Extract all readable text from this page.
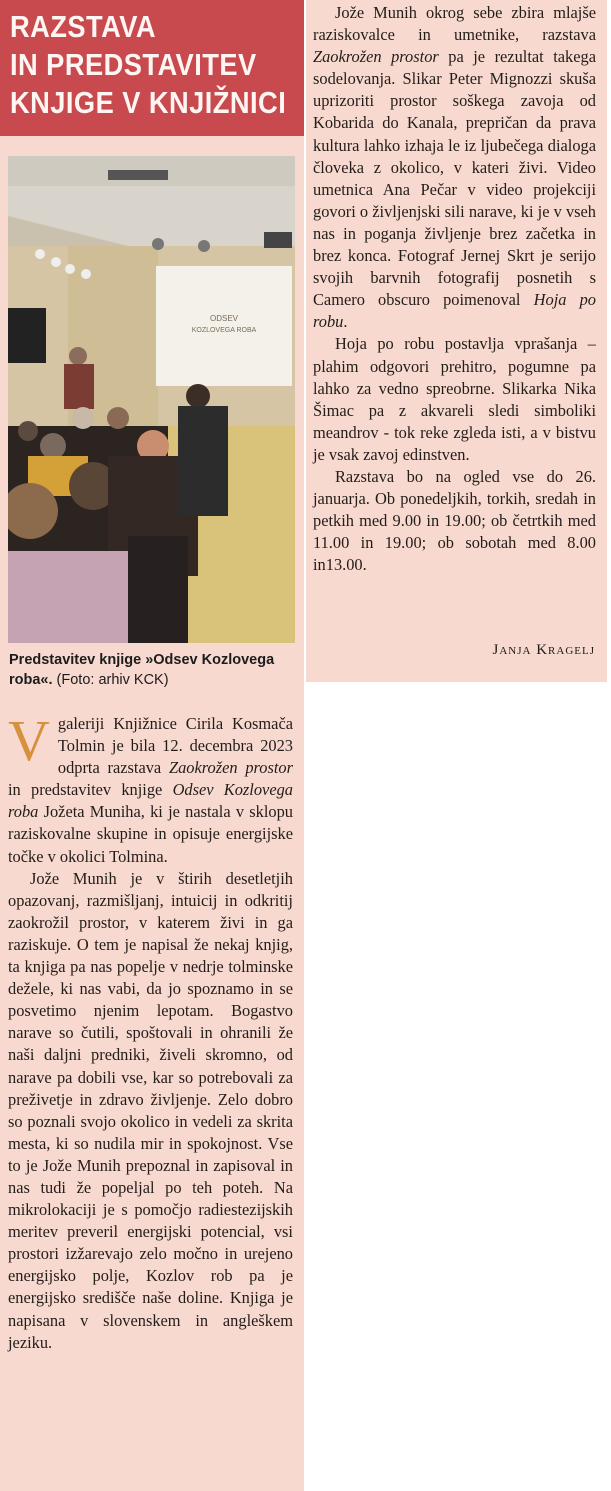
RAZSTAVA
IN PREDSTAVITEV
KNJIGE V KNJIŽNICI
ODSEV
KOZLOVEGA ROBA
Predstavitev knjige »Odsev Kozlovega roba«. (Foto: arhiv KCK)

Vgaleriji Knjižnice Cirila Kosmača Tolmin je bila 12. decembra 2023 odprta razstava Zaokrožen prostor in predstavitev knjige Odsev Kozlovega roba Jožeta Muniha, ki je nastala v sklopu raziskovalne skupine in opisuje energijske točke v okolici Tolmina.

Jože Munih je v štirih desetletjih opazovanj, razmišljanj, intuicij in odkritij zaokrožil prostor, v katerem živi in ga raziskuje. O tem je napisal že nekaj knjig, ta knjiga pa nas popelje v nedrje tolminske dežele, ki nas vabi, da jo spoznamo in se posvetimo njenim lepotam. Bogastvo narave so čutili, spoštovali in ohranili že naši daljni predniki, živeli skromno, od narave pa dobili vse, kar so potrebovali za preživetje in zdravo življenje. Zelo dobro so poznali svojo okolico in vedeli za skrita mesta, ki so nudila mir in spokojnost. Vse to je Jože Munih prepoznal in zapisoval in nas tudi že popeljal po teh poteh. Na mikrolokaciji je s pomočjo radiestezijskih meritev preveril energijski potencial, vsi prostori izžarevajo zelo močno in urejeno energijsko polje, Kozlov rob pa je energijsko središče naše doline. Knjiga je napisana v slovenskem in angleškem jeziku.

Jože Munih okrog sebe zbira mlajše raziskovalce in umetnike, razstava Zaokrožen prostor pa je rezultat takega sodelovanja. Slikar Peter Mignozzi skuša uprizoriti prostor soškega zavoja od Kobarida do Kanala, prepričan da prava kultura lahko izhaja le iz ljubečega dialoga človeka z okolico, v kateri živi. Video umetnica Ana Pečar v video projekciji govori o življenjski sili narave, ki je v vseh nas in poganja življenje brez začetka in brez konca. Fotograf Jernej Skrt je serijo svojih barvnih fotografij posnetih s Camero obscuro poimenoval Hoja po robu.

Hoja po robu postavlja vprašanja – plahim odgovori prehitro, pogumne pa lahko za vedno spreobrne. Slikarka Nika Šimac pa z akvareli sledi simboliki meandrov - tok reke zgleda isti, a v bistvu je vsak zavoj edinstven.

Razstava bo na ogled vse do 26. januarja. Ob ponedeljkih, torkih, sredah in petkih med 9.00 in 19.00; ob četrtkih med 11.00 in 19.00; ob sobotah med 8.00 in13.00.

Janja Kragelj
